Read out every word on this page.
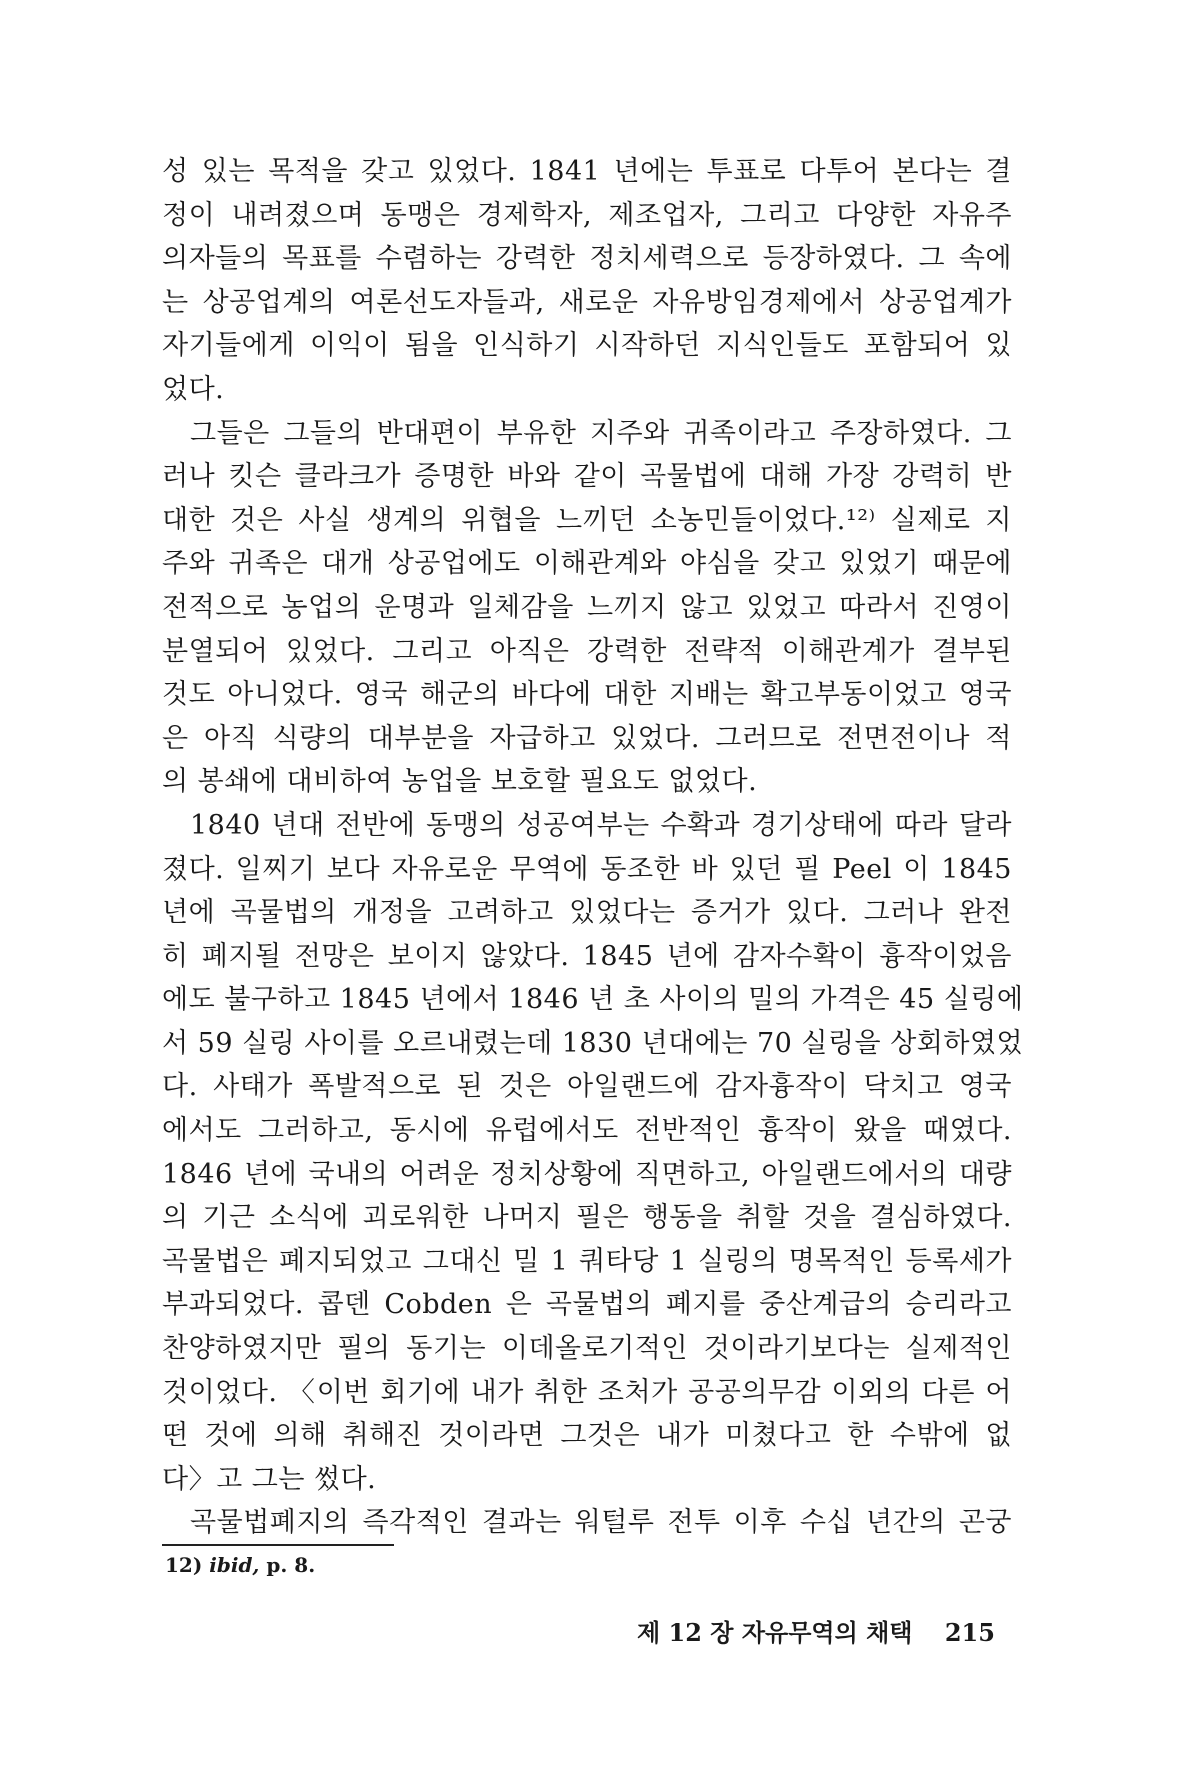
성 있는 목적을 갖고 있었다. 1841 년에는 투표로 다투어 본다는 결
정이 내려졌으며 동맹은 경제학자, 제조업자, 그리고 다양한 자유주
의자들의 목표를 수렴하는 강력한 정치세력으로 등장하였다. 그 속에
는 상공업계의 여론선도자들과, 새로운 자유방임경제에서 상공업계가
자기들에게 이익이 됨을 인식하기 시작하던 지식인들도 포함되어 있
었다.
그들은 그들의 반대편이 부유한 지주와 귀족이라고 주장하였다. 그
러나 킷슨 클라크가 증명한 바와 같이 곡물법에 대해 가장 강력히 반
대한 것은 사실 생계의 위협을 느끼던 소농민들이었다.¹²⁾ 실제로 지
주와 귀족은 대개 상공업에도 이해관계와 야심을 갖고 있었기 때문에
전적으로 농업의 운명과 일체감을 느끼지 않고 있었고 따라서 진영이
분열되어 있었다. 그리고 아직은 강력한 전략적 이해관계가 결부된
것도 아니었다. 영국 해군의 바다에 대한 지배는 확고부동이었고 영국
은 아직 식량의 대부분을 자급하고 있었다. 그러므로 전면전이나 적
의 봉쇄에 대비하여 농업을 보호할 필요도 없었다.
1840 년대 전반에 동맹의 성공여부는 수확과 경기상태에 따라 달라
졌다. 일찌기 보다 자유로운 무역에 동조한 바 있던 필 Peel 이 1845
년에 곡물법의 개정을 고려하고 있었다는 증거가 있다. 그러나 완전
히 폐지될 전망은 보이지 않았다. 1845 년에 감자수확이 흉작이었음
에도 불구하고 1845 년에서 1846 년 초 사이의 밀의 가격은 45 실링에
서 59 실링 사이를 오르내렸는데 1830 년대에는 70 실링을 상회하였었
다. 사태가 폭발적으로 된 것은 아일랜드에 감자흉작이 닥치고 영국
에서도 그러하고, 동시에 유럽에서도 전반적인 흉작이 왔을 때였다.
1846 년에 국내의 어려운 정치상황에 직면하고, 아일랜드에서의 대량
의 기근 소식에 괴로워한 나머지 필은 행동을 취할 것을 결심하였다.
곡물법은 폐지되었고 그대신 밀 1 쿼타당 1 실링의 명목적인 등록세가
부과되었다. 콥덴 Cobden 은 곡물법의 폐지를 중산계급의 승리라고
찬양하였지만 필의 동기는 이데올로기적인 것이라기보다는 실제적인
것이었다. 〈이번 회기에 내가 취한 조처가 공공의무감 이외의 다른 어
떤 것에 의해 취해진 것이라면 그것은 내가 미쳤다고 한 수밖에 없
다〉고 그는 썼다.
곡물법폐지의 즉각적인 결과는 워털루 전투 이후 수십 년간의 곤궁
12) ibid, p. 8.
제 12 장 자유무역의 채택 215
